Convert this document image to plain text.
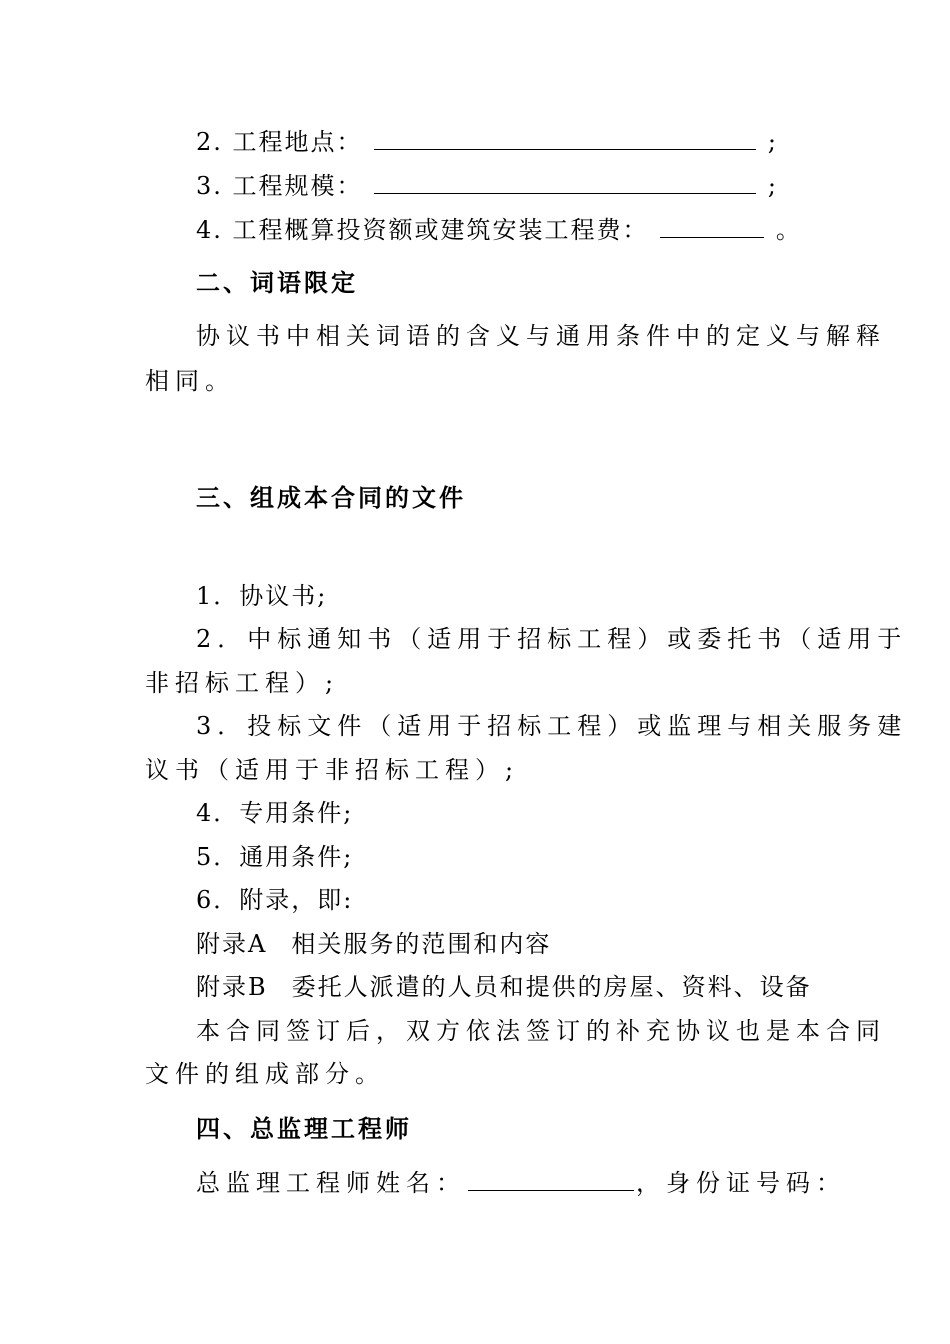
2. 工程地点：	;
3. 工程规模：	;
4. 工程概算投资额或建筑安装工程费：	。
二、词语限定
协议书中相关词语的含义与通用条件中的定义与解释
相同。
三、组成本合同的文件
1．协议书;
2．中标通知书（适用于招标工程）或委托书（适用于
非招标工程）;
3．投标文件（适用于招标工程）或监理与相关服务建
议书（适用于非招标工程）;
4．专用条件;
5．通用条件;
6．附录，即:
附录A 相关服务的范围和内容
附录B 委托人派遣的人员和提供的房屋、资料、设备
本合同签订后，双方依法签订的补充协议也是本合同
文件的组成部分。
四、总监理工程师
总监理工程师姓名：	，身份证号码：
